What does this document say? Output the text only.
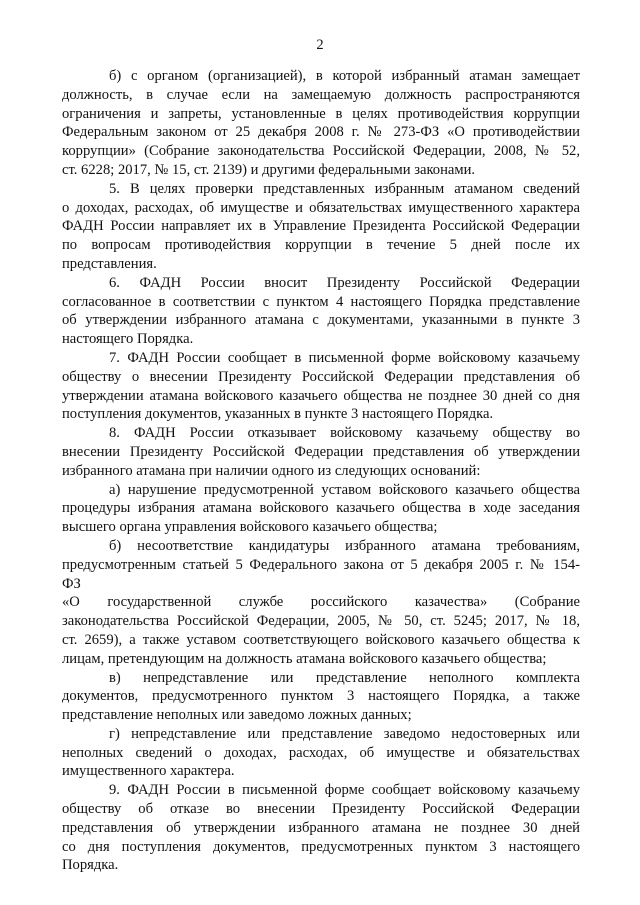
2
б) с органом (организацией), в которой избранный атаман замещает
должность, в случае если на замещаемую должность распространяются
ограничения и запреты, установленные в целях противодействия коррупции
Федеральным законом от 25 декабря 2008 г. № 273-ФЗ «О противодействии
коррупции» (Собрание законодательства Российской Федерации, 2008, № 52,
ст. 6228; 2017, № 15, ст. 2139) и другими федеральными законами.
5. В целях проверки представленных избранным атаманом сведений
о доходах, расходах, об имуществе и обязательствах имущественного характера
ФАДН России направляет их в Управление Президента Российской Федерации
по вопросам противодействия коррупции в течение 5 дней после их
представления.
6. ФАДН России вносит Президенту Российской Федерации
согласованное в соответствии с пунктом 4 настоящего Порядка представление
об утверждении избранного атамана с документами, указанными в пункте 3
настоящего Порядка.
7. ФАДН России сообщает в письменной форме войсковому казачьему
обществу о внесении Президенту Российской Федерации представления об
утверждении атамана войскового казачьего общества не позднее 30 дней со дня
поступления документов, указанных в пункте 3 настоящего Порядка.
8. ФАДН России отказывает войсковому казачьему обществу во
внесении Президенту Российской Федерации представления об утверждении
избранного атамана при наличии одного из следующих оснований:
а) нарушение предусмотренной уставом войскового казачьего общества
процедуры избрания атамана войскового казачьего общества в ходе заседания
высшего органа управления войскового казачьего общества;
б) несоответствие кандидатуры избранного атамана требованиям,
предусмотренным статьей 5 Федерального закона от 5 декабря 2005 г. № 154-
ФЗ
«О государственной службе российского казачества» (Собрание
законодательства Российской Федерации, 2005, № 50, ст. 5245; 2017, № 18,
ст. 2659), а также уставом соответствующего войскового казачьего общества к
лицам, претендующим на должность атамана войскового казачьего общества;
в) непредставление или представление неполного комплекта
документов, предусмотренного пунктом 3 настоящего Порядка, а также
представление неполных или заведомо ложных данных;
г) непредставление или представление заведомо недостоверных или
неполных сведений о доходах, расходах, об имуществе и обязательствах
имущественного характера.
9. ФАДН России в письменной форме сообщает войсковому казачьему
обществу об отказе во внесении Президенту Российской Федерации
представления об утверждении избранного атамана не позднее 30 дней
со дня поступления документов, предусмотренных пунктом 3 настоящего
Порядка.
